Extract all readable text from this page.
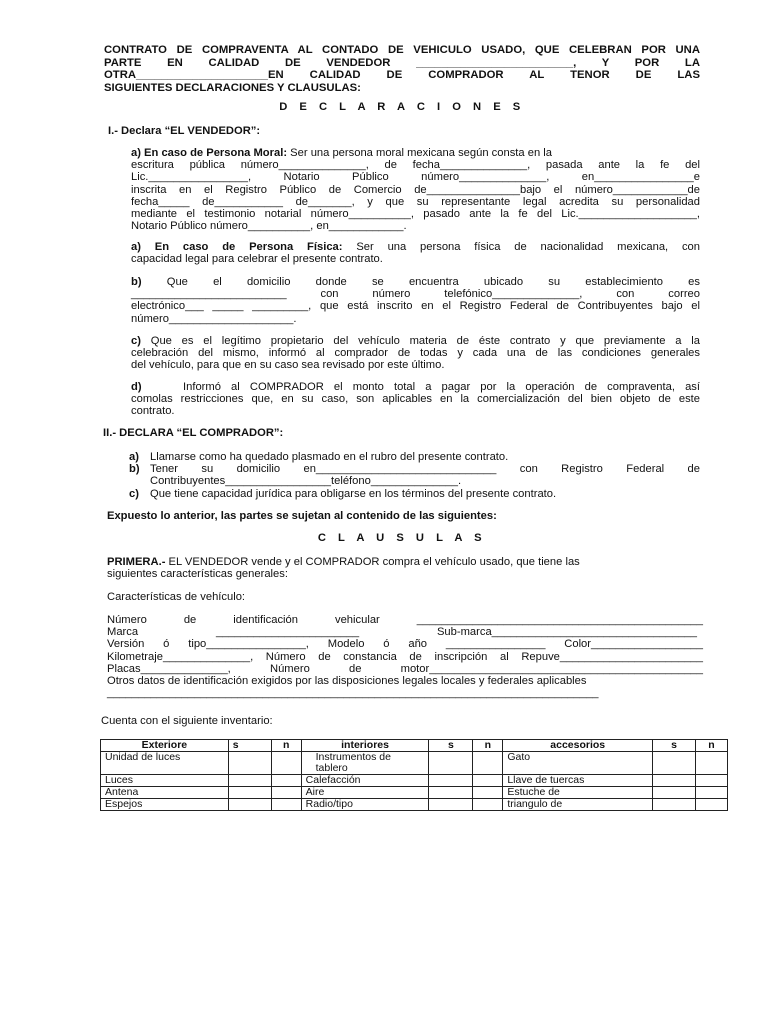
CONTRATO DE COMPRAVENTA AL CONTADO DE VEHICULO USADO, QUE CELEBRAN POR UNA
PARTE EN CALIDAD DE VENDEDOR _________________________, Y POR LA
OTRA_____________________EN CALIDAD DE COMPRADOR AL TENOR DE LAS
SIGUIENTES DECLARACIONES Y CLAUSULAS:
D E C L A R A C I O N E S
I.- Declara “EL VENDEDOR”:
a) En caso de Persona Moral: Ser una persona moral mexicana según consta en la
escritura pública número______________, de fecha______________, pasada ante la fe del
Lic.________________, Notario Público número______________, en________________e
inscrita en el Registro Público de Comercio de_______________bajo el número____________de
fecha_____ de___________ de_______, y que su representante legal acredita su personalidad
mediante el testimonio notarial número__________, pasado ante la fe del Lic.___________________,
Notario Público número__________, en____________.
a) En caso de Persona Física: Ser una persona física de nacionalidad mexicana, con
capacidad legal para celebrar el presente contrato.
b) Que el domicilio donde se encuentra ubicado su establecimiento es
_________________________ con número telefónico______________, con correo
electrónico___ _____ _________, que está inscrito en el Registro Federal de Contribuyentes bajo el
número____________________.
c) Que es el legítimo propietario del vehículo materia de éste contrato y que previamente a la
celebración del mismo, informó al comprador de todas y cada una de las condiciones generales
del vehículo, para que en su caso sea revisado por este último.
d)	Informó al COMPRADOR el monto total a pagar por la operación de compraventa, así
comolas restricciones que, en su caso, son aplicables en la comercialización del bien objeto de este
contrato.
II.- DECLARA “EL COMPRADOR”:
a) Llamarse como ha quedado plasmado en el rubro del presente contrato.
b) Tener su domicilio en_____________________________ con Registro Federal de
Contribuyentes_________________teléfono______________.
c) Que tiene capacidad jurídica para obligarse en los términos del presente contrato.
Expuesto lo anterior, las partes se sujetan al contenido de las siguientes:
C L A U S U L A S
PRIMERA.- EL VENDEDOR vende y el COMPRADOR compra el vehículo usado, que tiene las
siguientes características generales:
Características de vehículo:
Número de identificación vehicular ______________________________________________
Marca _______________________ Sub-marca_________________________________
Versión ó tipo________________, Modelo ó año ________________ Color__________________
Kilometraje______________, Número de constancia de inscripción al Repuve_______________________
Placas______________, Número de motor____________________________________________
Otros datos de identificación exigidos por las disposiciones legales locales y federales aplicables
_______________________________________________________________________________
Cuenta con el siguiente inventario:
Exteriore	s	n	interiores	s	n	accesorios	s	n
Unidad de luces			Instrumentos de tablero			Gato		
Luces			Calefacción			Llave de tuercas		
Antena			Aire			Estuche de		
Espejos			Radio/tipo			triangulo de		
